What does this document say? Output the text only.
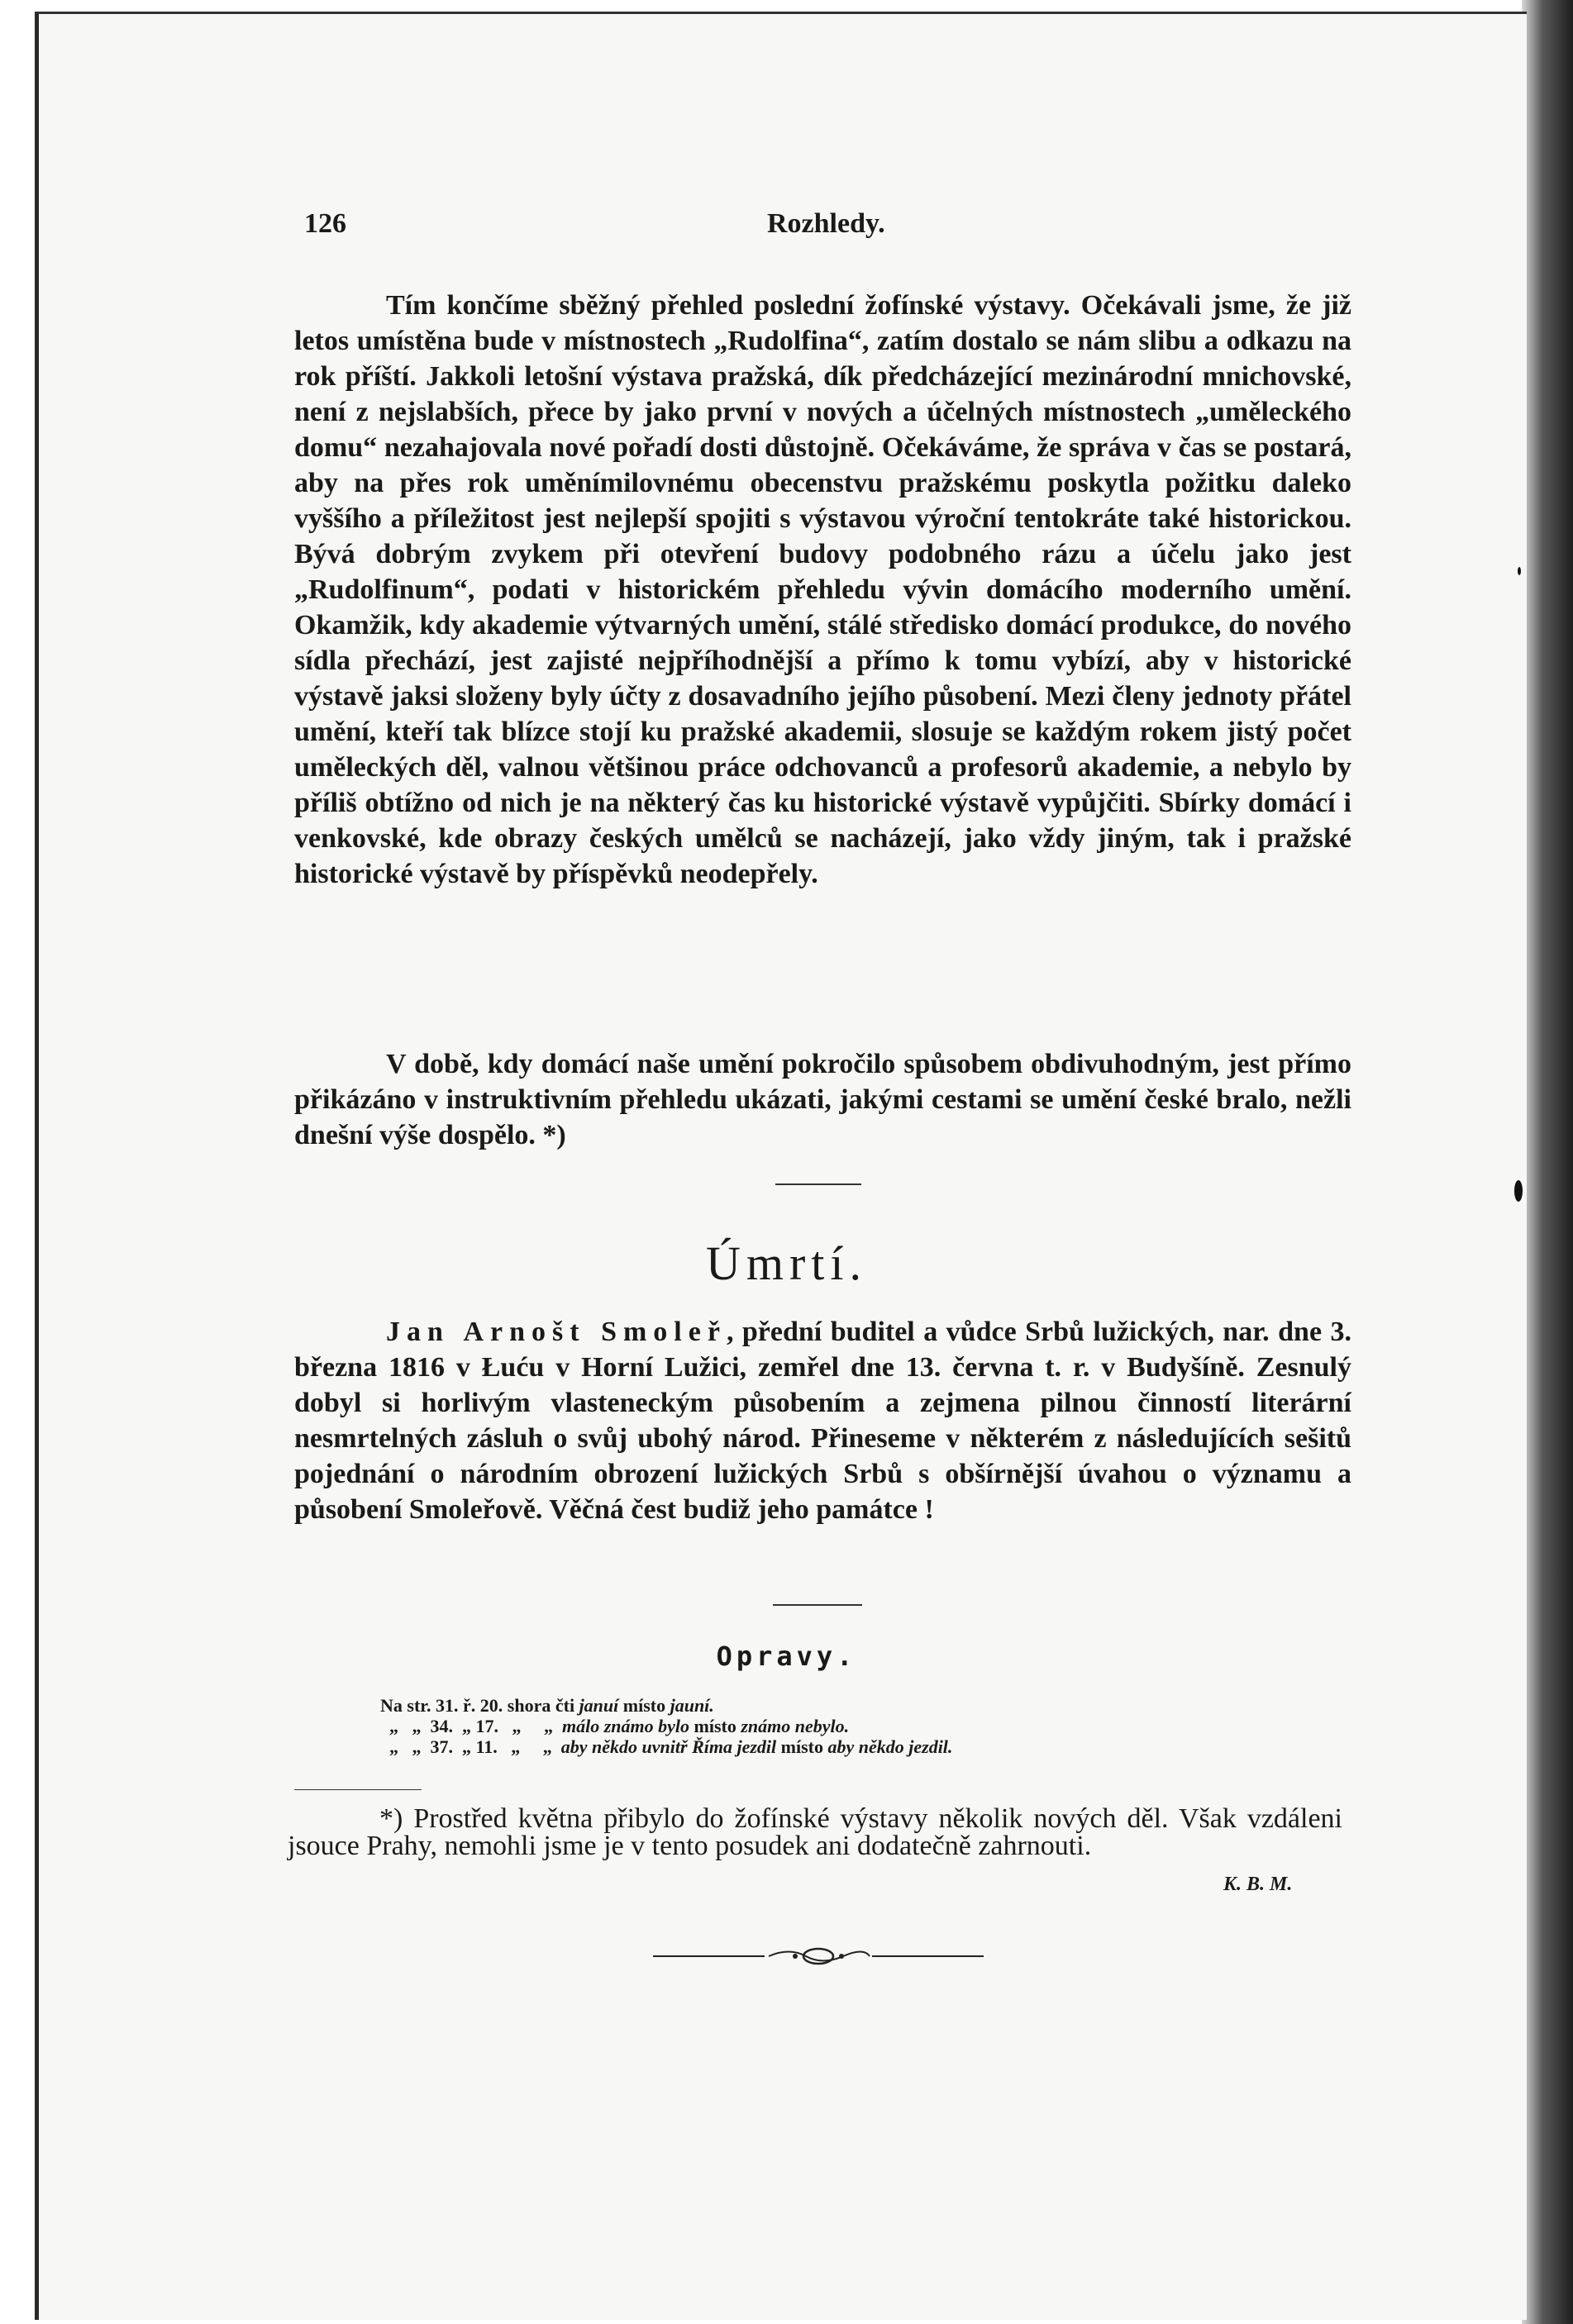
126	Rozhledy.

Tím končíme sběžný přehled poslední žofínské výstavy. Očekávali jsme, že již letos umístěna bude v místnostech „Rudolfina“, zatím dostalo se nám slibu a odkazu na rok příští. Jakkoli letošní výstava pražská, dík předcházející mezinárodní mnichovské, není z nejslabších, přece by jako první v nových a účelných místnostech „uměleckého domu“ nezahajovala nové pořadí dosti důstojně. Očekáváme, že správa v čas se postará, aby na přes rok uměnímilovnému obecenstvu pražskému poskytla požitku daleko vyššího a příležitost jest nejlepší spojiti s výstavou výroční tentokráte také historickou. Bývá dobrým zvykem při otevření budovy podobného rázu a účelu jako jest „Rudolfinum“, podati v historickém přehledu vývin domácího moderního umění. Okamžik, kdy akademie výtvarných umění, stálé středisko domácí produkce, do nového sídla přechází, jest zajisté nejpříhodnější a přímo k tomu vybízí, aby v historické výstavě jaksi složeny byly účty z dosavadního jejího působení. Mezi členy jednoty přátel umění, kteří tak blízce stojí ku pražské akademii, slosuje se každým rokem jistý počet uměleckých děl, valnou většinou práce odchovanců a profesorů akademie, a nebylo by příliš obtížno od nich je na některý čas ku historické výstavě vypůjčiti. Sbírky domácí i venkovské, kde obrazy českých umělců se nacházejí, jako vždy jiným, tak i pražské historické výstavě by příspěvků neodepřely.

V době, kdy domácí naše umění pokročilo spůsobem obdivuhodným, jest přímo přikázáno v instruktivním přehledu ukázati, jakými cestami se umění české bralo, nežli dnešní výše dospělo. *)

Úmrtí.

Jan Arnošt Smoleř, přední buditel a vůdce Srbů lužických, nar. dne 3. března 1816 v Łuću v Horní Lužici, zemřel dne 13. června t. r. v Budyšíně. Zesnulý dobyl si horlivým vlasteneckým působením a zejmena pilnou činností literární nesmrtelných zásluh o svůj ubohý národ. Přineseme v některém z následujících sešitů pojednání o národním obrození lužických Srbů s obšírnější úvahou o významu a působení Smoleřově. Věčná čest budiž jeho památce !

Opravy.
Na str. 31. ř. 20. shora čti januí místo jauní.
„   „  34.  „ 17.   „     „  málo známo bylo místo známo nebylo.
„   „  37.  „ 11.   „     „  aby někdo uvnitř Říma jezdil místo aby někdo jezdil.

*) Prostřed května přibylo do žofínské výstavy několik nových děl. Však vzdáleni jsouce Prahy, nemohli jsme je v tento posudek ani dodatečně zahrnouti.

K. B. M.
